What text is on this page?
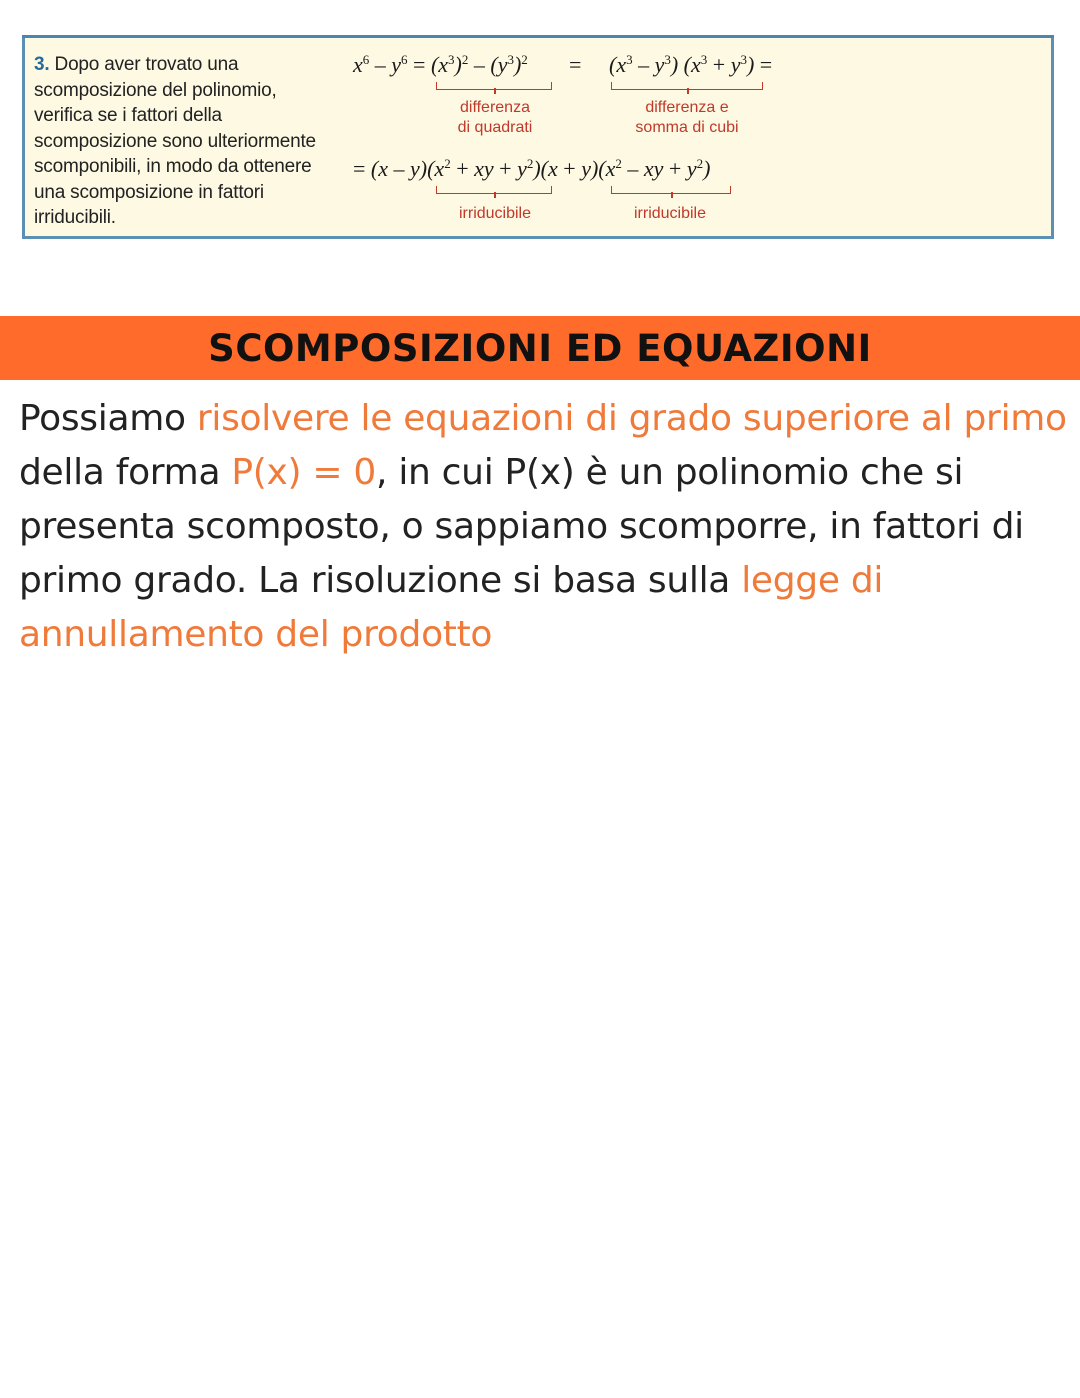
3. Dopo aver trovato una
scomposizione del polinomio,
verifica se i fattori della
scomposizione sono ulteriormente
scomponibili, in modo da ottenere
una scomposizione in fattori
irriducibili.
$x^6 - y^6 = (x^3)^2 - (y^3)^2 = (x^3 - y^3) (x^3 + y^3)$ =
differenza
di quadrati
differenza e
somma di cubi
= $(x - y)(x^2$ + xy + $y^2)(x + y)(x^2$ – xy + $y^2$)
irriducibile	irriducibile
SCOMPOSIZIONI ED EQUAZIONI
Possiamo risolvere le equazioni di grado superiore al primo della forma P(x) = 0, in cui P(x) è un polinomio che si presenta scomposto, o sappiamo scomporre, in fattori di primo grado. La risoluzione si basa sulla legge di annullamento del prodotto
